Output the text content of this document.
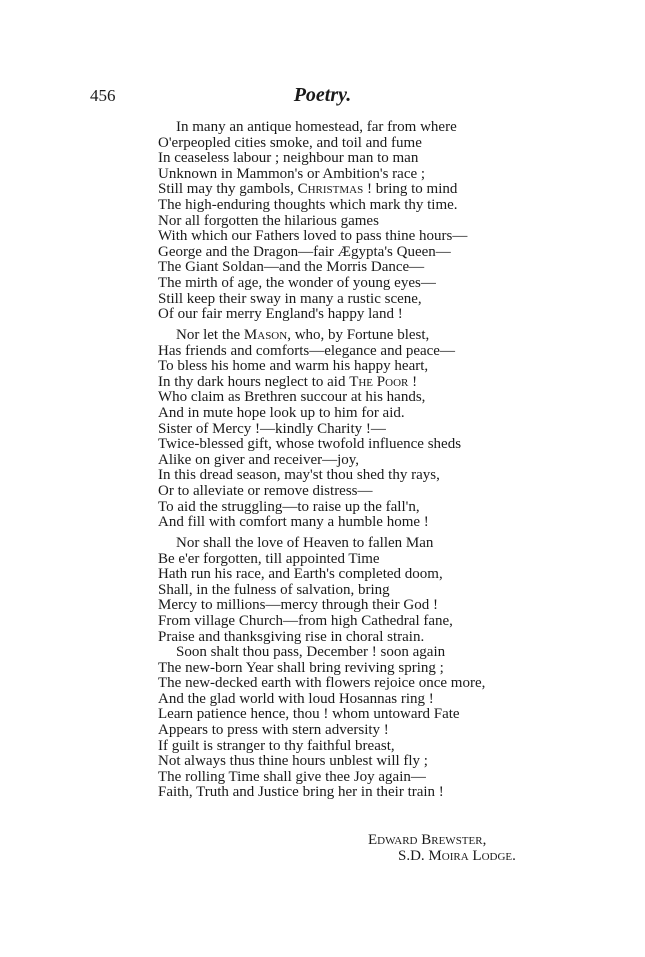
456	Poetry.
In many an antique homestead, far from where
O'erpeopled cities smoke, and toil and fume
In ceaseless labour ; neighbour man to man
Unknown in Mammon's or Ambition's race ;
Still may thy gambols, Christmas ! bring to mind
The high-enduring thoughts which mark thy time.
Nor all forgotten the hilarious games
With which our Fathers loved to pass thine hours—
George and the Dragon—fair Ægypta's Queen—
The Giant Soldan—and the Morris Dance—
The mirth of age, the wonder of young eyes—
Still keep their sway in many a rustic scene,
Of our fair merry England's happy land !
Nor let the Mason, who, by Fortune blest,
Has friends and comforts—elegance and peace—
To bless his home and warm his happy heart,
In thy dark hours neglect to aid The Poor !
Who claim as Brethren succour at his hands,
And in mute hope look up to him for aid.
Sister of Mercy !—kindly Charity !—
Twice-blessed gift, whose twofold influence sheds
Alike on giver and receiver—joy,
In this dread season, may'st thou shed thy rays,
Or to alleviate or remove distress—
To aid the struggling—to raise up the fall'n,
And fill with comfort many a humble home !
Nor shall the love of Heaven to fallen Man
Be e'er forgotten, till appointed Time
Hath run his race, and Earth's completed doom,
Shall, in the fulness of salvation, bring
Mercy to millions—mercy through their God !
From village Church—from high Cathedral fane,
Praise and thanksgiving rise in choral strain.
Soon shalt thou pass, December ! soon again
The new-born Year shall bring reviving spring ;
The new-decked earth with flowers rejoice once more,
And the glad world with loud Hosannas ring !
Learn patience hence, thou ! whom untoward Fate
Appears to press with stern adversity !
If guilt is stranger to thy faithful breast,
Not always thus thine hours unblest will fly ;
The rolling Time shall give thee Joy again—
Faith, Truth and Justice bring her in their train !
Edward Brewster,
S.D. Moira Lodge.
